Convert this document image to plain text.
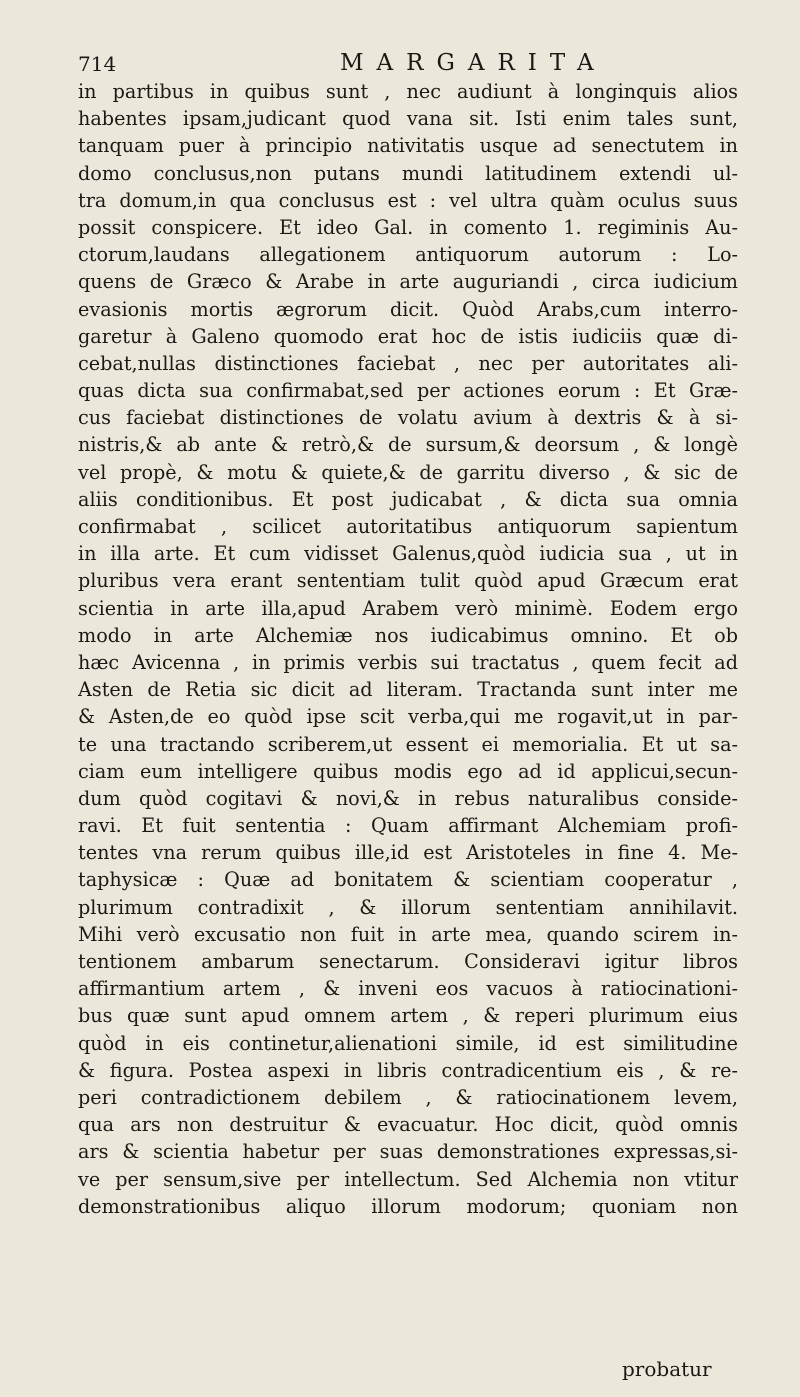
714	MARGARITA
in partibus in quibus sunt , nec audiunt à longinquis alios
habentes ipsam,judicant quod vana sit. Isti enim tales sunt,
tanquam puer à principio nativitatis usque ad senectutem in
domo conclusus,non putans mundi latitudinem extendi ul-
tra domum,in qua conclusus est : vel ultra quàm oculus suus
possit conspicere. Et ideo Gal. in comento 1. regiminis Au-
ctorum,laudans allegationem antiquorum autorum : Lo-
quens de Græco & Arabe in arte auguriandi , circa iudicium
evasionis mortis ægrorum dicit. Quòd Arabs,cum interro-
garetur à Galeno quomodo erat hoc de istis iudiciis quæ di-
cebat,nullas distinctiones faciebat , nec per autoritates ali-
quas dicta sua confirmabat,sed per actiones eorum : Et Græ-
cus faciebat distinctiones de volatu avium à dextris & à si-
nistris,& ab ante & retrò,& de sursum,& deorsum , & longè
vel propè, & motu & quiete,& de garritu diverso , & sic de
aliis conditionibus. Et post judicabat , & dicta sua omnia
confirmabat , scilicet autoritatibus antiquorum sapientum
in illa arte. Et cum vidisset Galenus,quòd iudicia sua , ut in
pluribus vera erant sententiam tulit quòd apud Græcum erat
scientia in arte illa,apud Arabem verò minimè. Eodem ergo
modo in arte Alchemiæ nos iudicabimus omnino. Et ob
hæc Avicenna , in primis verbis sui tractatus , quem fecit ad
Asten de Retia sic dicit ad literam. Tractanda sunt inter me
& Asten,de eo quòd ipse scit verba,qui me rogavit,ut in par-
te una tractando scriberem,ut essent ei memorialia. Et ut sa-
ciam eum intelligere quibus modis ego ad id applicui,secun-
dum quòd cogitavi & novi,& in rebus naturalibus conside-
ravi. Et fuit sententia : Quam affirmant Alchemiam profi-
tentes vna rerum quibus ille,id est Aristoteles in fine 4. Me-
taphysicæ : Quæ ad bonitatem & scientiam cooperatur ,
plurimum contradixit , & illorum sententiam annihilavit.
Mihi verò excusatio non fuit in arte mea, quando scirem in-
tentionem ambarum senectarum. Consideravi igitur libros
affirmantium artem , & inveni eos vacuos à ratiocinationi-
bus quæ sunt apud omnem artem , & reperi plurimum eius
quòd in eis continetur,alienationi simile, id est similitudine
& figura. Postea aspexi in libris contradicentium eis , & re-
peri contradictionem debilem , & ratiocinationem levem,
qua ars non destruitur & evacuatur. Hoc dicit, quòd omnis
ars & scientia habetur per suas demonstrationes expressas,si-
ve per sensum,sive per intellectum. Sed Alchemia non vtitur
demonstrationibus aliquo illorum modorum; quoniam non
probatur
